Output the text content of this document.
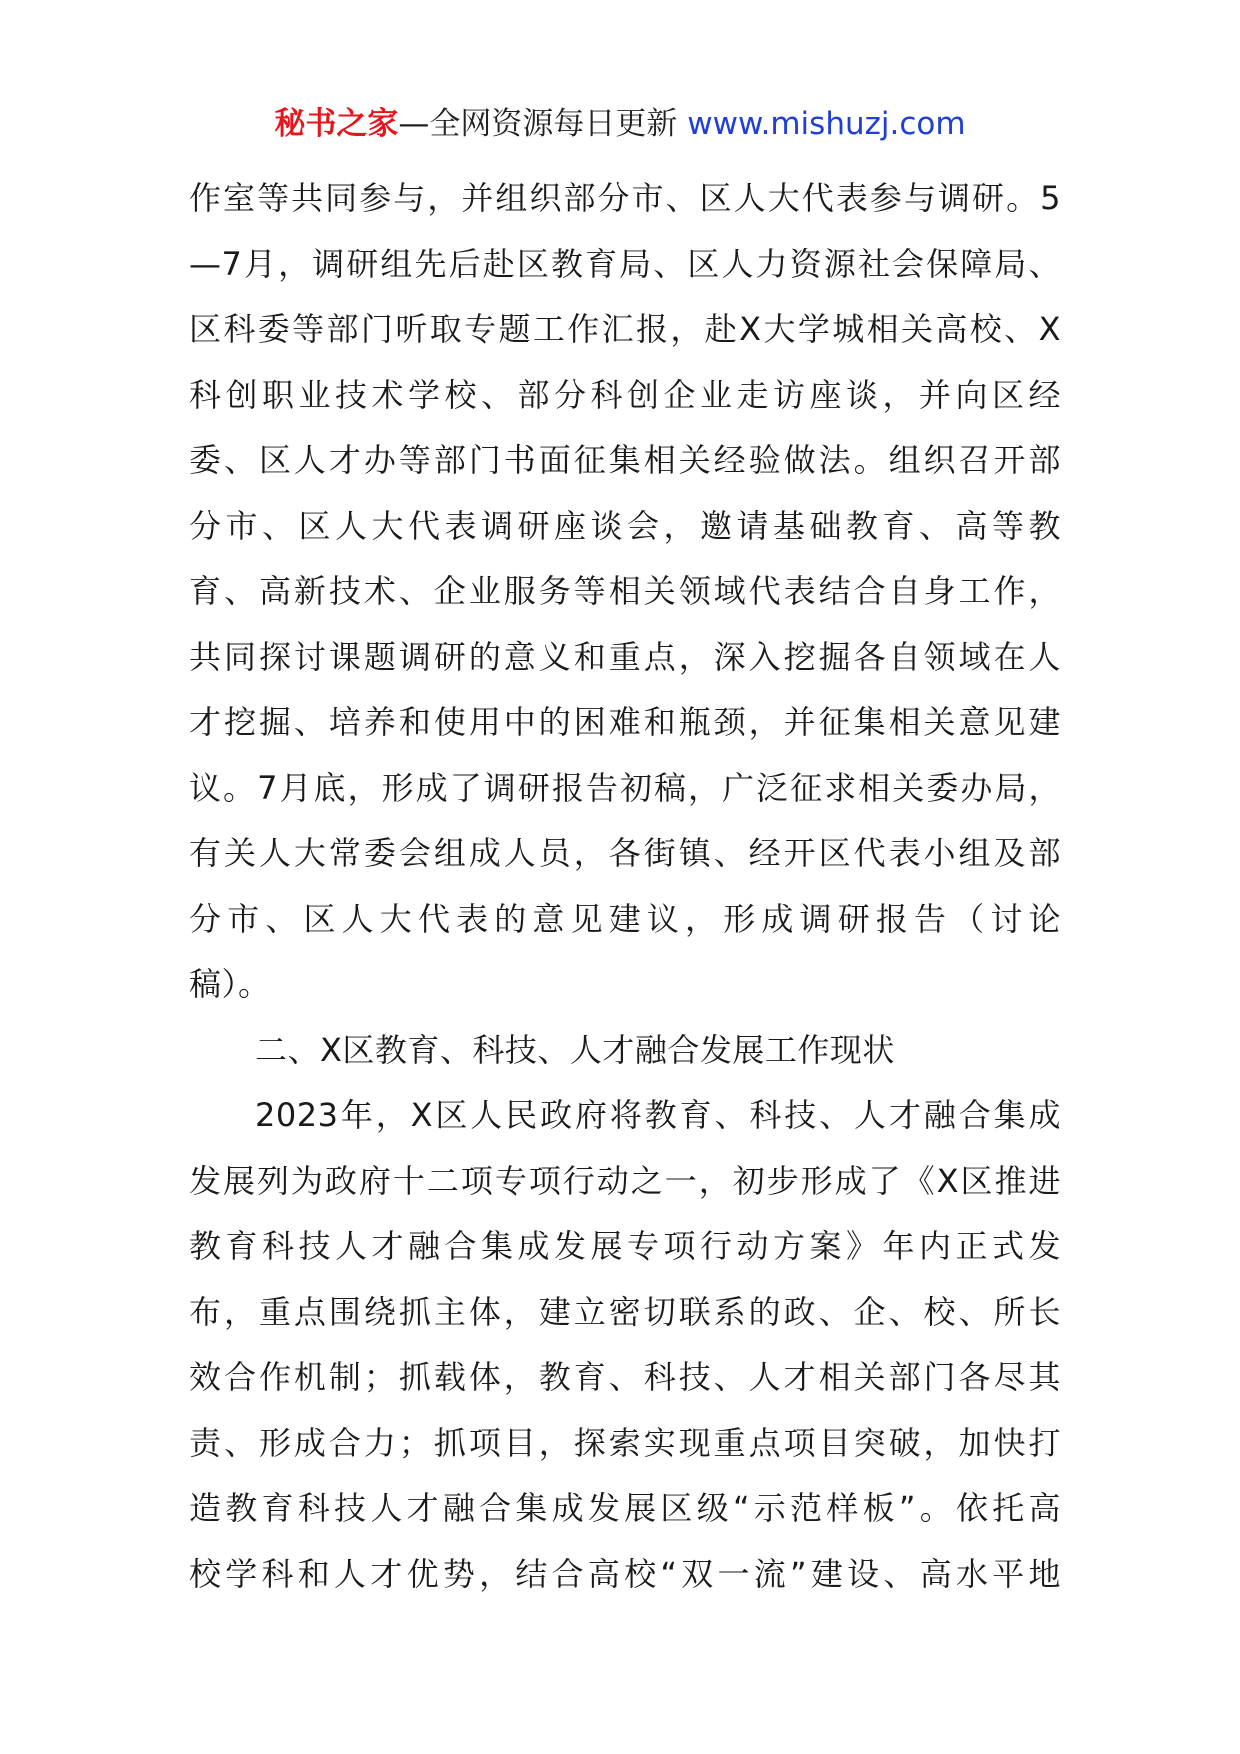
秘书之家—全网资源每日更新 www.mishuzj.com
作室等共同参与，并组织部分市、区人大代表参与调研。5
—7月，调研组先后赴区教育局、区人力资源社会保障局、
区科委等部门听取专题工作汇报，赴X大学城相关高校、X
科创职业技术学校、部分科创企业走访座谈，并向区经
委、区人才办等部门书面征集相关经验做法。组织召开部
分市、区人大代表调研座谈会，邀请基础教育、高等教
育、高新技术、企业服务等相关领域代表结合自身工作，
共同探讨课题调研的意义和重点，深入挖掘各自领域在人
才挖掘、培养和使用中的困难和瓶颈，并征集相关意见建
议。7月底，形成了调研报告初稿，广泛征求相关委办局，
有关人大常委会组成人员，各街镇、经开区代表小组及部
分市、区人大代表的意见建议，形成调研报告（讨论
稿）。
二、X区教育、科技、人才融合发展工作现状
2023年，X区人民政府将教育、科技、人才融合集成
发展列为政府十二项专项行动之一，初步形成了《X区推进
教育科技人才融合集成发展专项行动方案》年内正式发
布，重点围绕抓主体，建立密切联系的政、企、校、所长
效合作机制；抓载体，教育、科技、人才相关部门各尽其
责、形成合力；抓项目，探索实现重点项目突破，加快打
造教育科技人才融合集成发展区级“示范样板”。依托高
校学科和人才优势，结合高校“双一流”建设、高水平地
